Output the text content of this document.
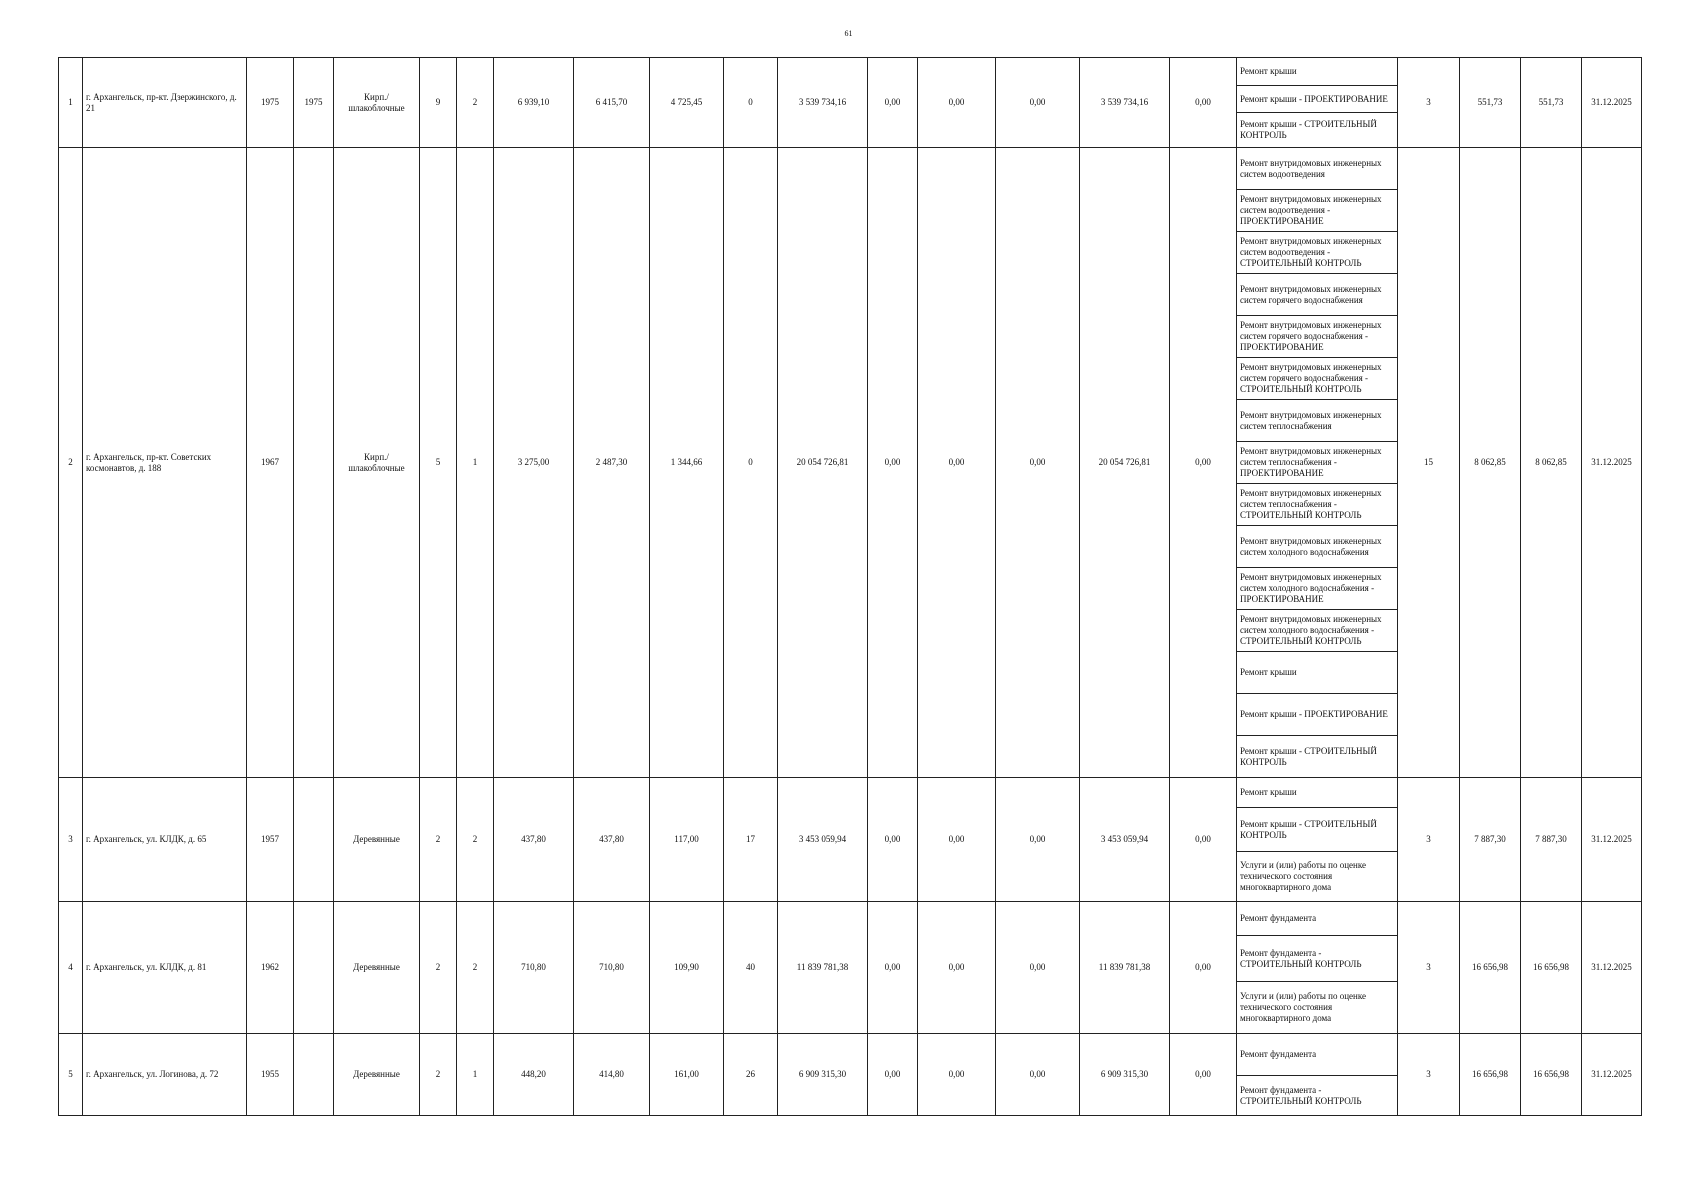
61
1	г. Архангельск, пр-кт. Дзержинского, д. 21	1975	1975	Кирп./ шлакоблочные	9	2	6 939,10	6 415,70	4 725,45	0	3 539 734,16	0,00	0,00	0,00	3 539 734,16	0,00	Ремонт крыши	3	551,73	551,73	31.12.2025
																	Ремонт крыши - ПРОЕКТИРОВАНИЕ				
																	Ремонт крыши - СТРОИТЕЛЬНЫЙ КОНТРОЛЬ				
2	г. Архангельск, пр-кт. Советских космонавтов, д. 188	1967		Кирп./ шлакоблочные	5	1	3 275,00	2 487,30	1 344,66	0	20 054 726,81	0,00	0,00	0,00	20 054 726,81	0,00	Ремонт внутридомовых инженерных систем водоотведения	15	8 062,85	8 062,85	31.12.2025
																	Ремонт внутридомовых инженерных систем водоотведения - ПРОЕКТИРОВАНИЕ				
																	Ремонт внутридомовых инженерных систем водоотведения - СТРОИТЕЛЬНЫЙ КОНТРОЛЬ				
																	Ремонт внутридомовых инженерных систем горячего водоснабжения				
																	Ремонт внутридомовых инженерных систем горячего водоснабжения - ПРОЕКТИРОВАНИЕ				
																	Ремонт внутридомовых инженерных систем горячего водоснабжения - СТРОИТЕЛЬНЫЙ КОНТРОЛЬ				
																	Ремонт внутридомовых инженерных систем теплоснабжения				
																	Ремонт внутридомовых инженерных систем теплоснабжения - ПРОЕКТИРОВАНИЕ				
																	Ремонт внутридомовых инженерных систем теплоснабжения - СТРОИТЕЛЬНЫЙ КОНТРОЛЬ				
																	Ремонт внутридомовых инженерных систем холодного водоснабжения				
																	Ремонт внутридомовых инженерных систем холодного водоснабжения - ПРОЕКТИРОВАНИЕ				
																	Ремонт внутридомовых инженерных систем холодного водоснабжения - СТРОИТЕЛЬНЫЙ КОНТРОЛЬ				
																	Ремонт крыши				
																	Ремонт крыши - ПРОЕКТИРОВАНИЕ				
																	Ремонт крыши - СТРОИТЕЛЬНЫЙ КОНТРОЛЬ				
3	г. Архангельск, ул. КЛДК, д. 65	1957		Деревянные	2	2	437,80	437,80	117,00	17	3 453 059,94	0,00	0,00	0,00	3 453 059,94	0,00	Ремонт крыши	3	7 887,30	7 887,30	31.12.2025
																	Ремонт крыши - СТРОИТЕЛЬНЫЙ КОНТРОЛЬ				
																	Услуги и (или) работы по оценке технического состояния многоквартирного дома				
4	г. Архангельск, ул. КЛДК, д. 81	1962		Деревянные	2	2	710,80	710,80	109,90	40	11 839 781,38	0,00	0,00	0,00	11 839 781,38	0,00	Ремонт фундамента	3	16 656,98	16 656,98	31.12.2025
																	Ремонт фундамента - СТРОИТЕЛЬНЫЙ КОНТРОЛЬ				
																	Услуги и (или) работы по оценке технического состояния многоквартирного дома				
5	г. Архангельск, ул. Логинова, д. 72	1955		Деревянные	2	1	448,20	414,80	161,00	26	6 909 315,30	0,00	0,00	0,00	6 909 315,30	0,00	Ремонт фундамента	3	16 656,98	16 656,98	31.12.2025
																	Ремонт фундамента - СТРОИТЕЛЬНЫЙ КОНТРОЛЬ				
